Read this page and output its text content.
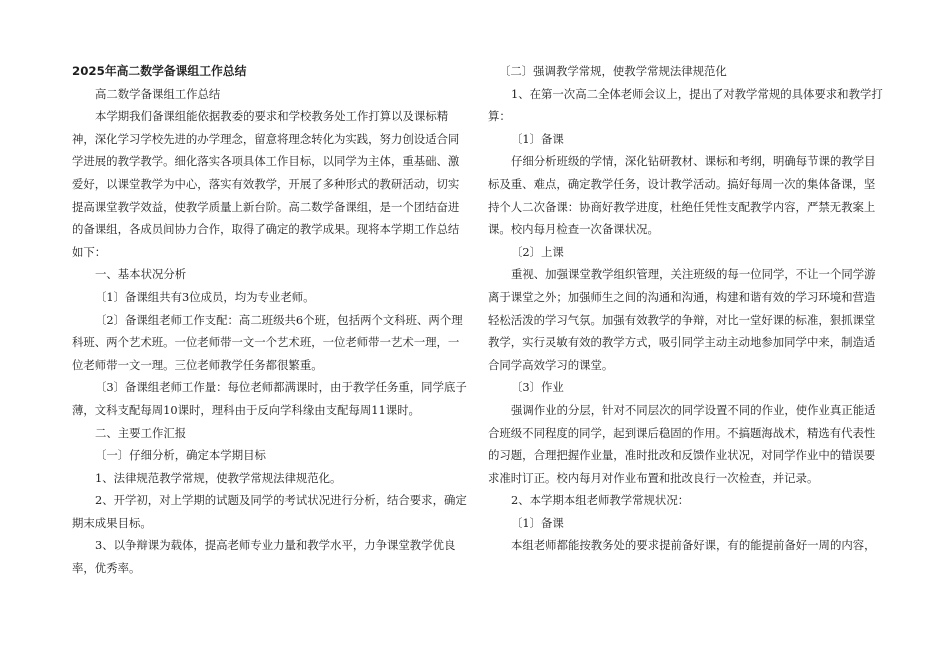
2025年高二数学备课组工作总结

高二数学备课组工作总结

本学期我们备课组能依据教委的要求和学校教务处工作打算以及课标精神，深化学习学校先进的办学理念，留意将理念转化为实践，努力创设适合同学进展的教学教学。细化落实各项具体工作目标，以同学为主体，重基础、激爱好，以课堂教学为中心，落实有效教学，开展了多种形式的教研活动，切实提高课堂教学效益，使教学质量上新台阶。高二数学备课组，是一个团结奋进的备课组，各成员间协力合作，取得了确定的教学成果。现将本学期工作总结如下：

一、基本状况分析

〔1〕备课组共有3位成员，均为专业老师。

〔2〕备课组老师工作支配：高二班级共6个班，包括两个文科班、两个理科班、两个艺术班。一位老师带一文一个艺术班，一位老师带一艺术一理，一位老师带一文一理。三位老师教学任务都很繁重。

〔3〕备课组老师工作量：每位老师都满课时，由于教学任务重，同学底子薄，文科支配每周10课时，理科由于反向学科缘由支配每周11课时。

二、主要工作汇报

〔一〕仔细分析，确定本学期目标

1、法律规范教学常规，使教学常规法律规范化。

2、开学初，对上学期的试题及同学的考试状况进行分析，结合要求，确定期末成果目标。

3、以争辩课为载体，提高老师专业力量和教学水平，力争课堂教学优良率，优秀率。

〔二〕强调教学常规，使教学常规法律规范化

1、在第一次高二全体老师会议上，提出了对教学常规的具体要求和教学打算：

〔1〕备课

仔细分析班级的学情，深化钻研教材、课标和考纲，明确每节课的教学目标及重、难点，确定教学任务，设计教学活动。搞好每周一次的集体备课，坚持个人二次备课：协商好教学进度，杜绝任凭性支配教学内容，严禁无教案上课。校内每月检查一次备课状况。

〔2〕上课

重视、加强课堂教学组织管理，关注班级的每一位同学，不让一个同学游离于课堂之外；加强师生之间的沟通和沟通，构建和谐有效的学习环境和营造轻松活泼的学习气氛。加强有效教学的争辩，对比一堂好课的标准，狠抓课堂教学，实行灵敏有效的教学方式，吸引同学主动主动地参加同学中来，制造适合同学高效学习的课堂。

〔3〕作业

强调作业的分层，针对不同层次的同学设置不同的作业，使作业真正能适合班级不同程度的同学，起到课后稳固的作用。不搞题海战术，精选有代表性的习题，合理把握作业量，准时批改和反馈作业状况，对同学作业中的错误要求准时订正。校内每月对作业布置和批改良行一次检查，并记录。

2、本学期本组老师教学常规状况：

〔1〕备课

本组老师都能按教务处的要求提前备好课，有的能提前备好一周的内容，
